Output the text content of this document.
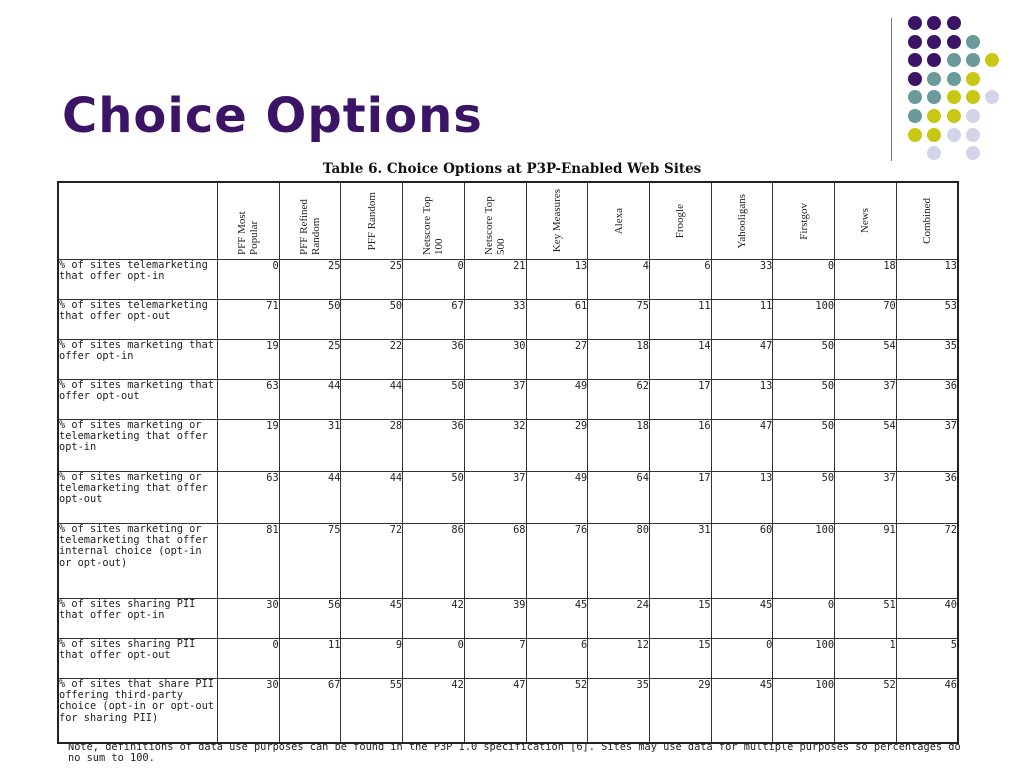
Choice Options
Table 6. Choice Options at P3P-Enabled Web Sites

	PFF Most Popular	PFF Refined Random	PFF Random	Netscore Top 100	Netscore Top 500	Key Measures	Alexa	Froogle	Yahooligans	Firstgov	News	Combined

% of sites telemarketing that offer opt-in	0	25	25	0	21	13	4	6	33	0	18	13
% of sites telemarketing that offer opt-out	71	50	50	67	33	61	75	11	11	100	70	53
% of sites marketing that offer opt-in	19	25	22	36	30	27	18	14	47	50	54	35
% of sites marketing that offer opt-out	63	44	44	50	37	49	62	17	13	50	37	36
% of sites marketing or telemarketing that offer opt-in	19	31	28	36	32	29	18	16	47	50	54	37
% of sites marketing or telemarketing that offer opt-out	63	44	44	50	37	49	64	17	13	50	37	36
% of sites marketing or telemarketing that offer internal choice (opt-in or opt-out)	81	75	72	86	68	76	80	31	60	100	91	72
% of sites sharing PII that offer opt-in	30	56	45	42	39	45	24	15	45	0	51	40
% of sites sharing PII that offer opt-out	0	11	9	0	7	6	12	15	0	100	1	5
% of sites that share PII offering third-party choice (opt-in or opt-out for sharing PII)	30	67	55	42	47	52	35	29	45	100	52	46

Note, definitions of data use purposes can be found in the P3P 1.0 specification [6]. Sites may use data for multiple purposes so percentages do no sum to 100.
